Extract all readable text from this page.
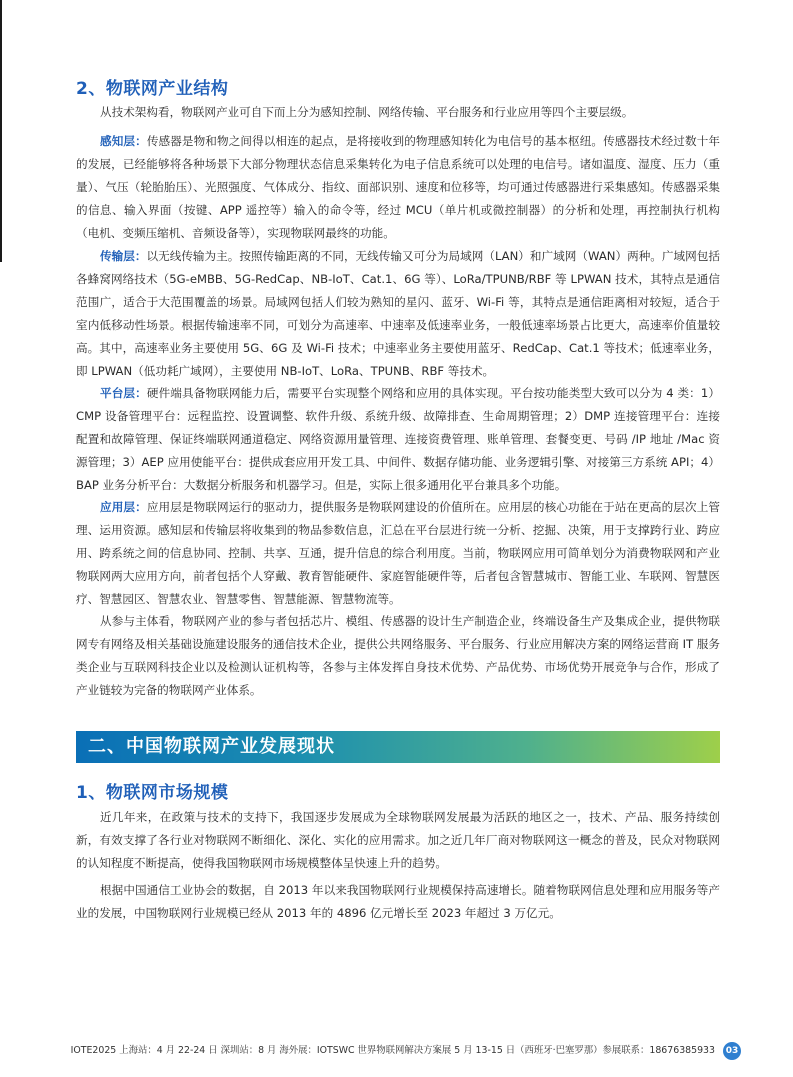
2、物联网产业结构

从技术架构看，物联网产业可自下而上分为感知控制、网络传输、平台服务和行业应用等四个主要层级。

感知层：传感器是物和物之间得以相连的起点，是将接收到的物理感知转化为电信号的基本枢纽。传感器技术经过数十年的发展，已经能够将各种场景下大部分物理状态信息采集转化为电子信息系统可以处理的电信号。诸如温度、湿度、压力（重量）、气压（轮胎胎压）、光照强度、气体成分、指纹、面部识别、速度和位移等，均可通过传感器进行采集感知。传感器采集的信息、输入界面（按键、APP 遥控等）输入的命令等，经过 MCU（单片机或微控制器）的分析和处理，再控制执行机构（电机、变频压缩机、音频设备等），实现物联网最终的功能。

传输层：以无线传输为主。按照传输距离的不同，无线传输又可分为局域网（LAN）和广域网（WAN）两种。广域网包括各蜂窝网络技术（5G-eMBB、5G-RedCap、NB-IoT、Cat.1、6G 等）、LoRa/TPUNB/RBF 等 LPWAN 技术，其特点是通信范围广，适合于大范围覆盖的场景。局域网包括人们较为熟知的星闪、蓝牙、Wi-Fi 等，其特点是通信距离相对较短，适合于室内低移动性场景。根据传输速率不同，可划分为高速率、中速率及低速率业务，一般低速率场景占比更大，高速率价值量较高。其中，高速率业务主要使用 5G、6G 及 Wi-Fi 技术；中速率业务主要使用蓝牙、RedCap、Cat.1 等技术；低速率业务，即 LPWAN（低功耗广域网），主要使用 NB-IoT、LoRa、TPUNB、RBF 等技术。

平台层：硬件端具备物联网能力后，需要平台实现整个网络和应用的具体实现。平台按功能类型大致可以分为 4 类：1）CMP 设备管理平台：远程监控、设置调整、软件升级、系统升级、故障排查、生命周期管理；2）DMP 连接管理平台：连接配置和故障管理、保证终端联网通道稳定、网络资源用量管理、连接资费管理、账单管理、套餐变更、号码 /IP 地址 /Mac 资源管理；3）AEP 应用使能平台：提供成套应用开发工具、中间件、数据存储功能、业务逻辑引擎、对接第三方系统 API；4）BAP 业务分析平台：大数据分析服务和机器学习。但是，实际上很多通用化平台兼具多个功能。

应用层：应用层是物联网运行的驱动力，提供服务是物联网建设的价值所在。应用层的核心功能在于站在更高的层次上管理、运用资源。感知层和传输层将收集到的物品参数信息，汇总在平台层进行统一分析、挖掘、决策，用于支撑跨行业、跨应用、跨系统之间的信息协同、控制、共享、互通，提升信息的综合利用度。当前，物联网应用可简单划分为消费物联网和产业物联网两大应用方向，前者包括个人穿戴、教育智能硬件、家庭智能硬件等，后者包含智慧城市、智能工业、车联网、智慧医疗、智慧园区、智慧农业、智慧零售、智慧能源、智慧物流等。

从参与主体看，物联网产业的参与者包括芯片、模组、传感器的设计生产制造企业，终端设备生产及集成企业，提供物联网专有网络及相关基础设施建设服务的通信技术企业，提供公共网络服务、平台服务、行业应用解决方案的网络运营商 IT 服务类企业与互联网科技企业以及检测认证机构等，各参与主体发挥自身技术优势、产品优势、市场优势开展竞争与合作，形成了产业链较为完备的物联网产业体系。

二、中国物联网产业发展现状
1、物联网市场规模

近几年来，在政策与技术的支持下，我国逐步发展成为全球物联网发展最为活跃的地区之一，技术、产品、服务持续创新，有效支撑了各行业对物联网不断细化、深化、实化的应用需求。加之近几年厂商对物联网这一概念的普及，民众对物联网的认知程度不断提高，使得我国物联网市场规模整体呈快速上升的趋势。

根据中国通信工业协会的数据，自 2013 年以来我国物联网行业规模保持高速增长。随着物联网信息处理和应用服务等产业的发展，中国物联网行业规模已经从 2013 年的 4896 亿元增长至 2023 年超过 3 万亿元。

IOTE2025 上海站：4 月 22-24 日 深圳站：8 月 海外展：IOTSWC 世界物联网解决方案展 5 月 13-15 日（西班牙·巴塞罗那）参展联系：18676385933	03
